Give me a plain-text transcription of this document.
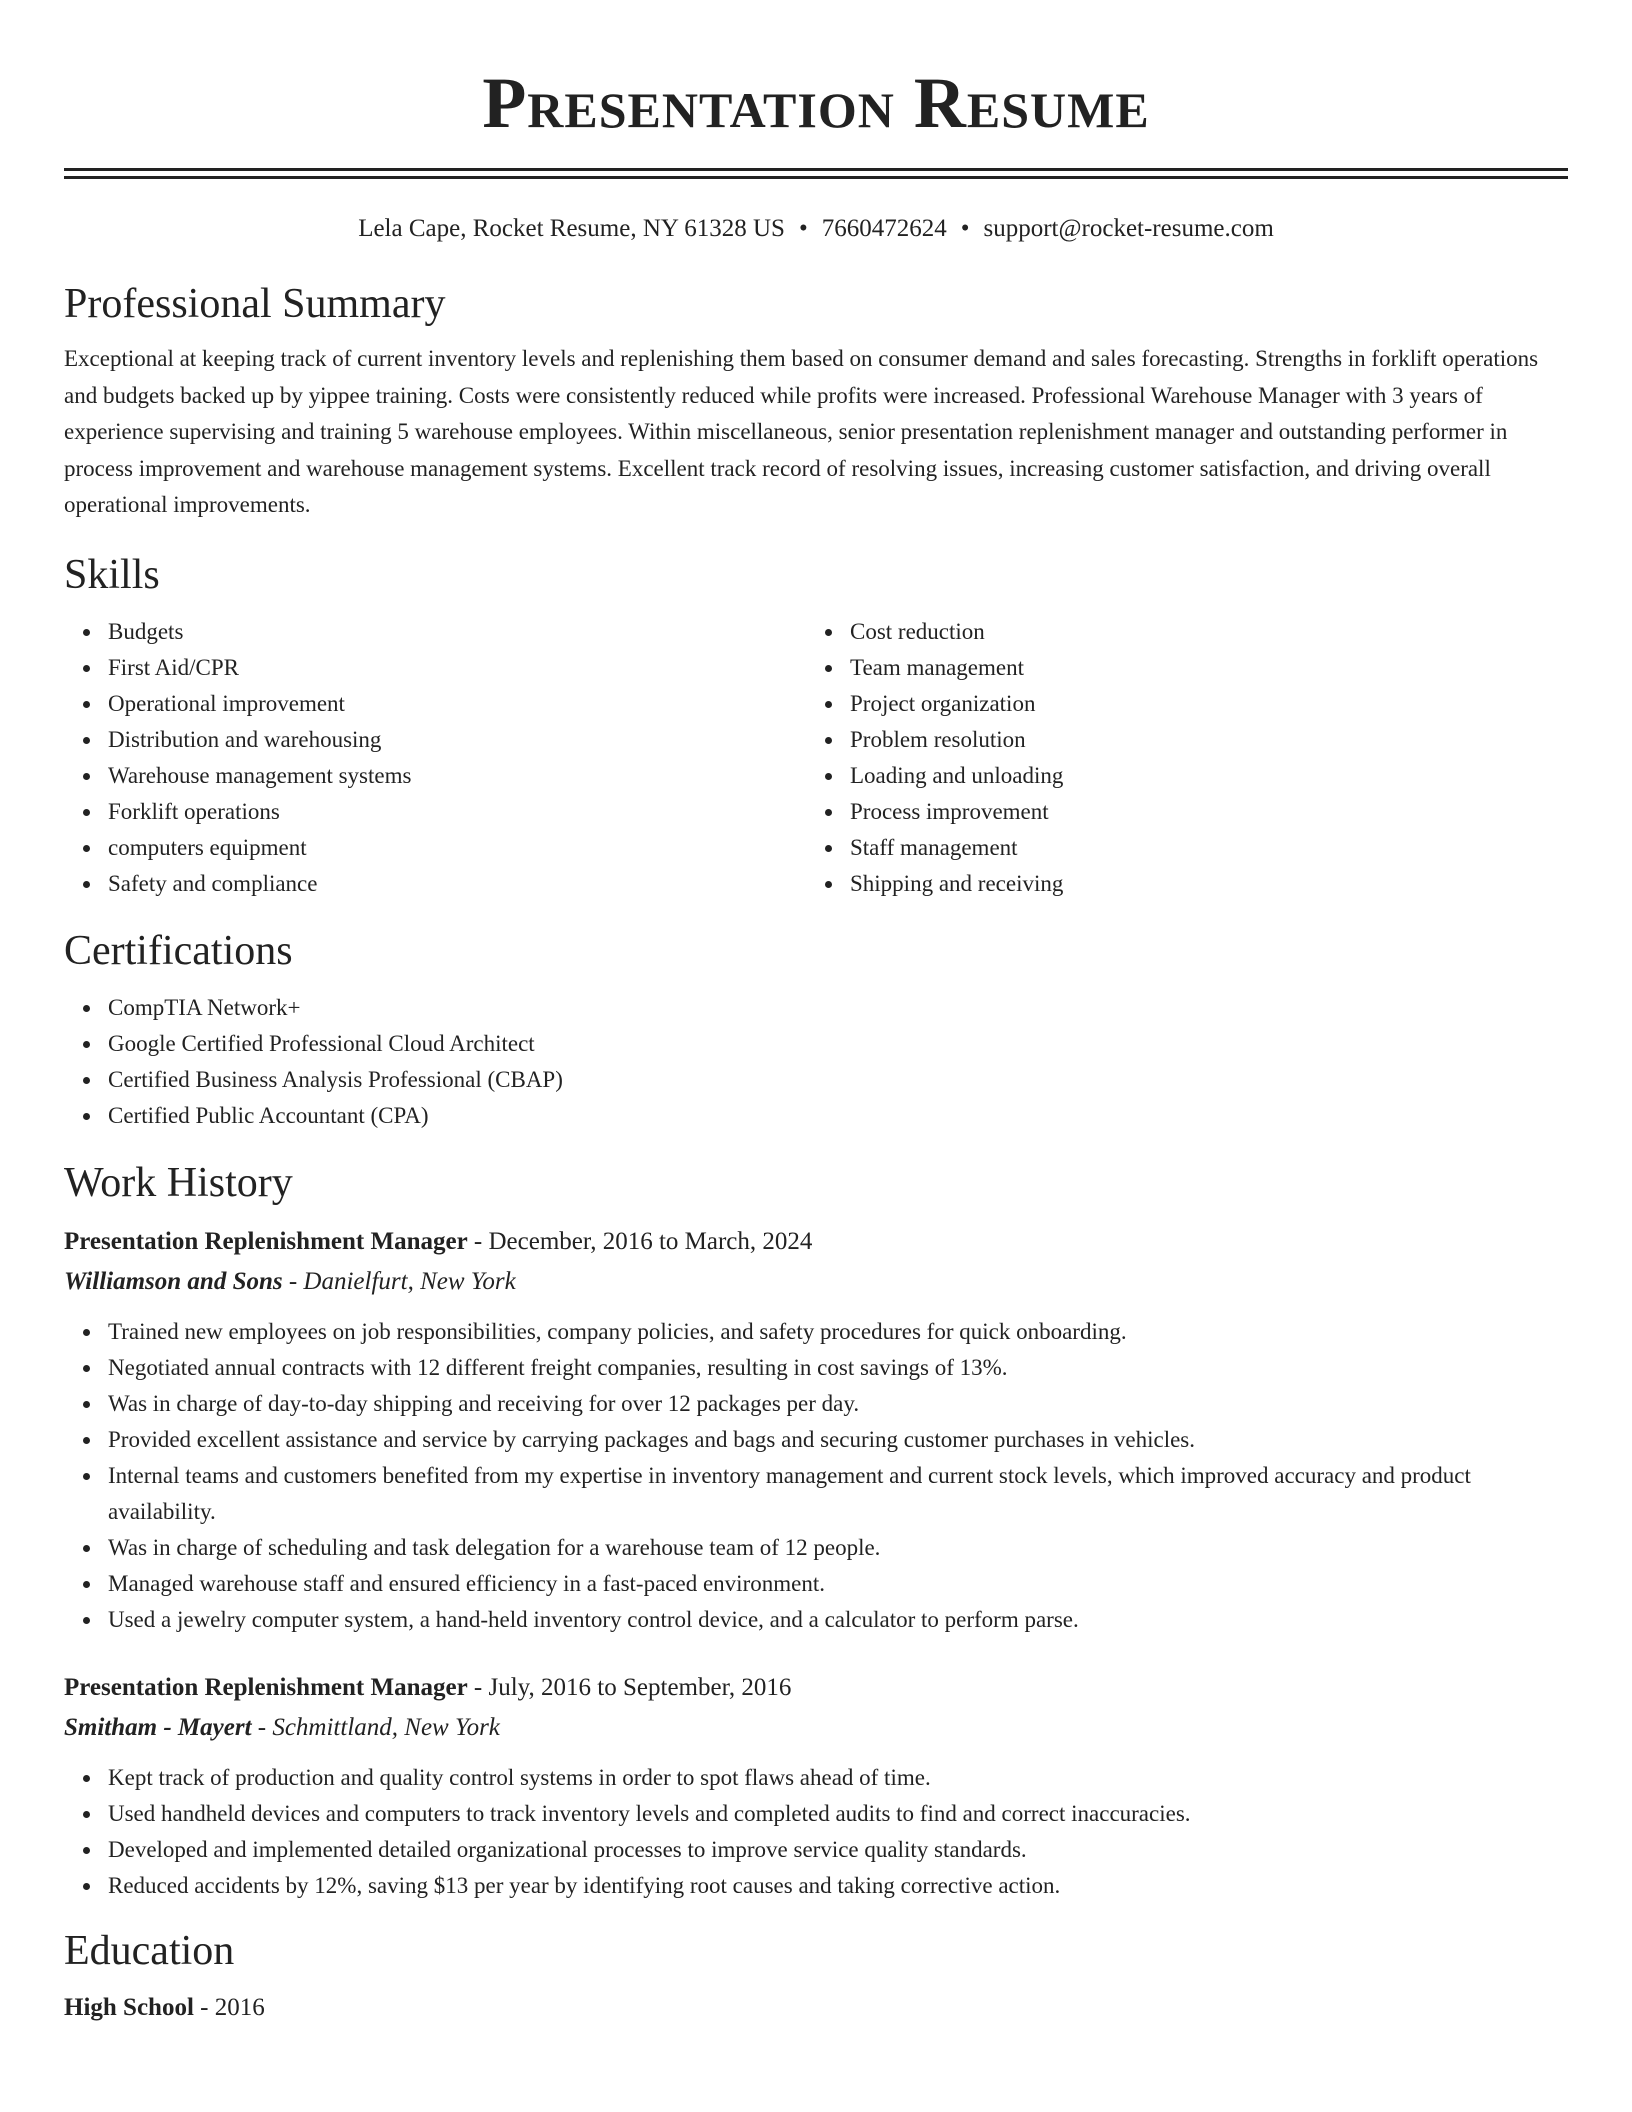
Presentation Resume
Lela Cape, Rocket Resume, NY 61328 US • 7660472624 • support@rocket-resume.com
Professional Summary

Exceptional at keeping track of current inventory levels and replenishing them based on consumer demand and sales forecasting. Strengths in forklift operations and budgets backed up by yippee training. Costs were consistently reduced while profits were increased. Professional Warehouse Manager with 3 years of experience supervising and training 5 warehouse employees. Within miscellaneous, senior presentation replenishment manager and outstanding performer in process improvement and warehouse management systems. Excellent track record of resolving issues, increasing customer satisfaction, and driving overall operational improvements.

Skills
Budgets
First Aid/CPR
Operational improvement
Distribution and warehousing
Warehouse management systems
Forklift operations
computers equipment
Safety and compliance
Cost reduction
Team management
Project organization
Problem resolution
Loading and unloading
Process improvement
Staff management
Shipping and receiving
Certifications
CompTIA Network+
Google Certified Professional Cloud Architect
Certified Business Analysis Professional (CBAP)
Certified Public Accountant (CPA)
Work History
Presentation Replenishment Manager - December, 2016 to March, 2024
Williamson and Sons - Danielfurt, New York
Trained new employees on job responsibilities, company policies, and safety procedures for quick onboarding.
Negotiated annual contracts with 12 different freight companies, resulting in cost savings of 13%.
Was in charge of day-to-day shipping and receiving for over 12 packages per day.
Provided excellent assistance and service by carrying packages and bags and securing customer purchases in vehicles.
Internal teams and customers benefited from my expertise in inventory management and current stock levels, which improved accuracy and product availability.
Was in charge of scheduling and task delegation for a warehouse team of 12 people.
Managed warehouse staff and ensured efficiency in a fast-paced environment.
Used a jewelry computer system, a hand-held inventory control device, and a calculator to perform parse.
Presentation Replenishment Manager - July, 2016 to September, 2016
Smitham - Mayert - Schmittland, New York
Kept track of production and quality control systems in order to spot flaws ahead of time.
Used handheld devices and computers to track inventory levels and completed audits to find and correct inaccuracies.
Developed and implemented detailed organizational processes to improve service quality standards.
Reduced accidents by 12%, saving $13 per year by identifying root causes and taking corrective action.
Education
High School - 2016
